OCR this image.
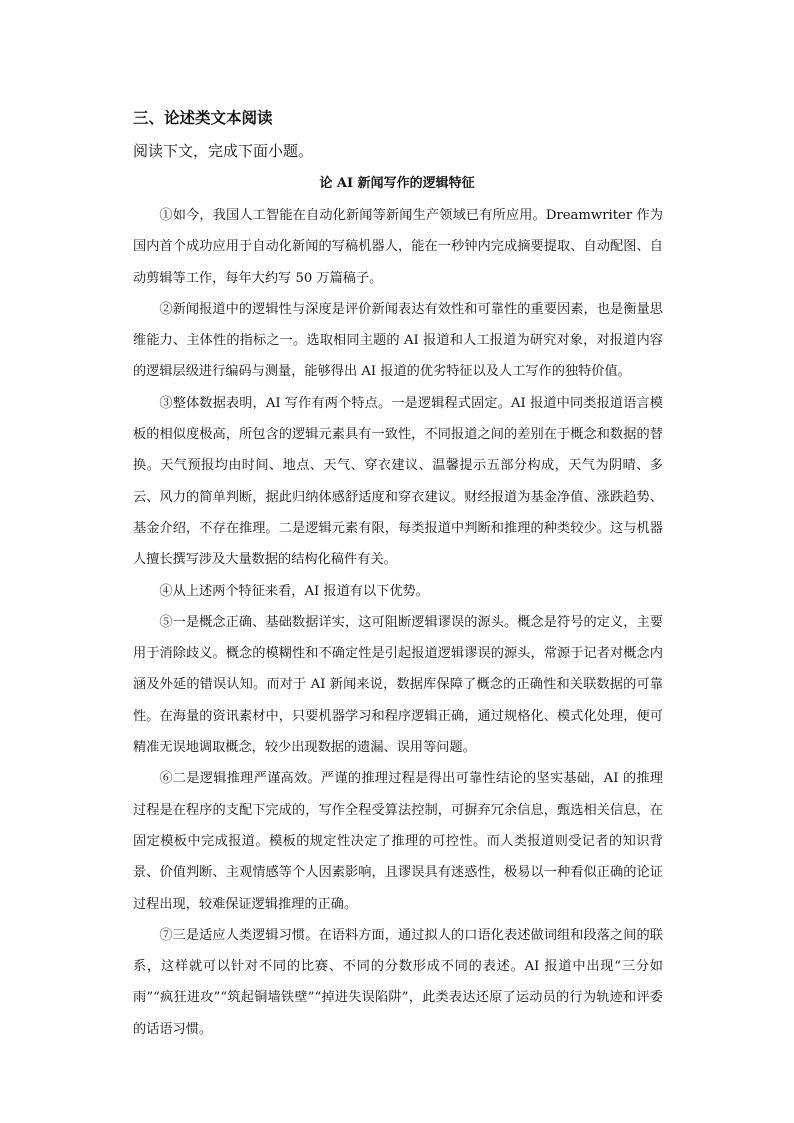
三、论述类文本阅读
阅读下文，完成下面小题。
论 AI 新闻写作的逻辑特征

①如今，我国人工智能在自动化新闻等新闻生产领域已有所应用。Dreamwriter 作为国内首个成功应用于自动化新闻的写稿机器人，能在一秒钟内完成摘要提取、自动配图、自动剪辑等工作，每年大约写 50 万篇稿子。

②新闻报道中的逻辑性与深度是评价新闻表达有效性和可靠性的重要因素，也是衡量思维能力、主体性的指标之一。选取相同主题的 AI 报道和人工报道为研究对象，对报道内容的逻辑层级进行编码与测量，能够得出 AI 报道的优劣特征以及人工写作的独特价值。

③整体数据表明，AI 写作有两个特点。一是逻辑程式固定。AI 报道中同类报道语言模板的相似度极高，所包含的逻辑元素具有一致性，不同报道之间的差别在于概念和数据的替换。天气预报均由时间、地点、天气、穿衣建议、温馨提示五部分构成，天气为阴晴、多云、风力的简单判断，据此归纳体感舒适度和穿衣建议。财经报道为基金净值、涨跌趋势、基金介绍，不存在推理。二是逻辑元素有限，每类报道中判断和推理的种类较少。这与机器人擅长撰写涉及大量数据的结构化稿件有关。

④从上述两个特征来看，AI 报道有以下优势。

⑤一是概念正确、基础数据详实，这可阻断逻辑谬误的源头。概念是符号的定义，主要用于消除歧义。概念的模糊性和不确定性是引起报道逻辑谬误的源头，常源于记者对概念内涵及外延的错误认知。而对于 AI 新闻来说，数据库保障了概念的正确性和关联数据的可靠性。在海量的资讯素材中，只要机器学习和程序逻辑正确，通过规格化、模式化处理，便可精准无误地调取概念，较少出现数据的遗漏、误用等问题。

⑥二是逻辑推理严谨高效。严谨的推理过程是得出可靠性结论的坚实基础，AI 的推理过程是在程序的支配下完成的，写作全程受算法控制，可摒弃冗余信息，甄选相关信息，在固定模板中完成报道。模板的规定性决定了推理的可控性。而人类报道则受记者的知识背景、价值判断、主观情感等个人因素影响，且谬误具有迷惑性，极易以一种看似正确的论证过程出现，较难保证逻辑推理的正确。

⑦三是适应人类逻辑习惯。在语料方面，通过拟人的口语化表述做词组和段落之间的联系，这样就可以针对不同的比赛、不同的分数形成不同的表述。AI 报道中出现“三分如雨”“疯狂进攻”“筑起铜墙铁壁”“掉进失误陷阱”，此类表达还原了运动员的行为轨迹和评委的话语习惯。
